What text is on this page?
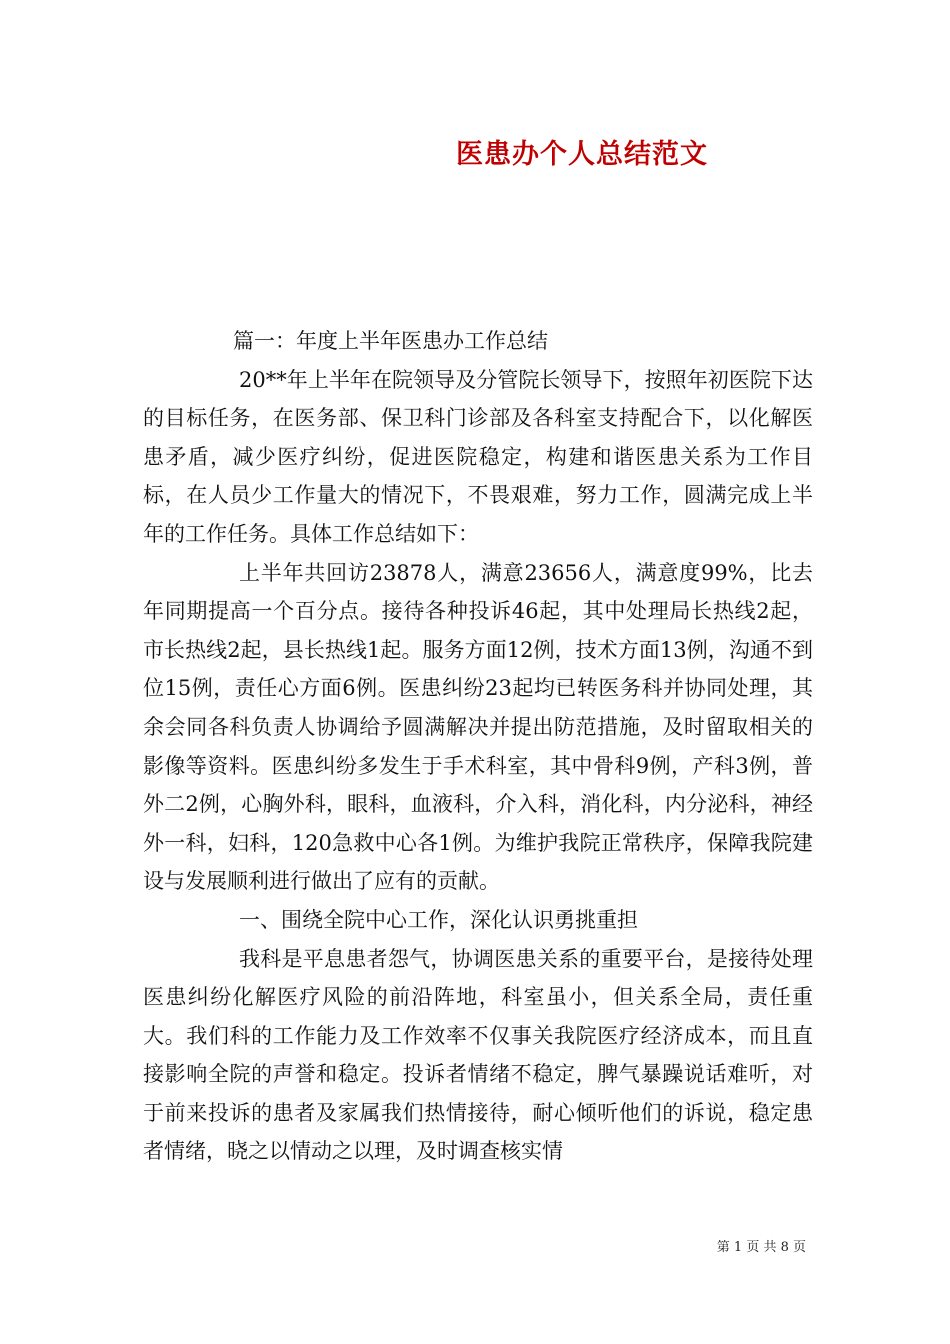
医患办个人总结范文

篇一：年度上半年医患办工作总结

20**年上半年在院领导及分管院长领导下，按照年初医院下达的目标任务，在医务部、保卫科门诊部及各科室支持配合下，以化解医患矛盾，减少医疗纠纷，促进医院稳定，构建和谐医患关系为工作目标，在人员少工作量大的情况下，不畏艰难，努力工作，圆满完成上半年的工作任务。具体工作总结如下：

上半年共回访23878人，满意23656人，满意度99%，比去年同期提高一个百分点。接待各种投诉46起，其中处理局长热线2起，市长热线2起，县长热线1起。服务方面12例，技术方面13例，沟通不到位15例，责任心方面6例。医患纠纷23起均已转医务科并协同处理，其余会同各科负责人协调给予圆满解决并提出防范措施，及时留取相关的影像等资料。医患纠纷多发生于手术科室，其中骨科9例，产科3例，普外二2例，心胸外科，眼科，血液科，介入科，消化科，内分泌科，神经外一科，妇科，120急救中心各1例。为维护我院正常秩序，保障我院建设与发展顺利进行做出了应有的贡献。

一、围绕全院中心工作，深化认识勇挑重担

我科是平息患者怨气，协调医患关系的重要平台，是接待处理医患纠纷化解医疗风险的前沿阵地，科室虽小，但关系全局，责任重大。我们科的工作能力及工作效率不仅事关我院医疗经济成本，而且直接影响全院的声誉和稳定。投诉者情绪不稳定，脾气暴躁说话难听，对于前来投诉的患者及家属我们热情接待，耐心倾听他们的诉说，稳定患者情绪，晓之以情动之以理，及时调查核实情

第 1 页 共 8 页
